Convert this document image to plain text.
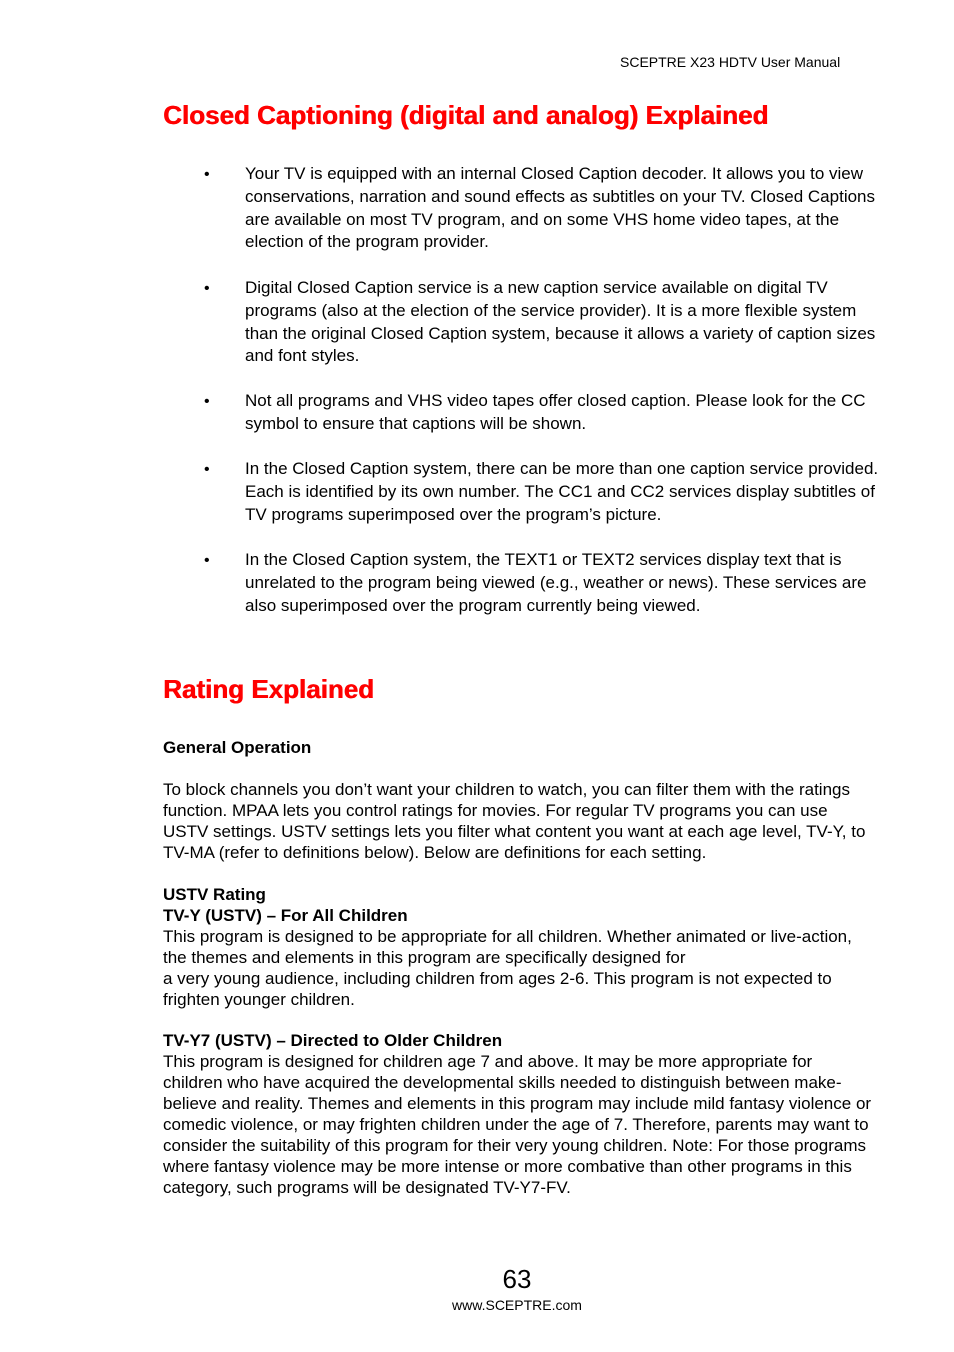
SCEPTRE X23 HDTV User Manual
Closed Captioning (digital and analog) Explained
• Your TV is equipped with an internal Closed Caption decoder. It allows you to view conservations, narration and sound effects as subtitles on your TV. Closed Captions are available on most TV program, and on some VHS home video tapes, at the election of the program provider.
• Digital Closed Caption service is a new caption service available on digital TV programs (also at the election of the service provider). It is a more flexible system than the original Closed Caption system, because it allows a variety of caption sizes and font styles.
• Not all programs and VHS video tapes offer closed caption. Please look for the CC symbol to ensure that captions will be shown.
• In the Closed Caption system, there can be more than one caption service provided. Each is identified by its own number. The CC1 and CC2 services display subtitles of TV programs superimposed over the program’s picture.
• In the Closed Caption system, the TEXT1 or TEXT2 services display text that is unrelated to the program being viewed (e.g., weather or news). These services are also superimposed over the program currently being viewed.
Rating Explained
General Operation
To block channels you don’t want your children to watch, you can filter them with the ratings function. MPAA lets you control ratings for movies. For regular TV programs you can use USTV settings. USTV settings lets you filter what content you want at each age level, TV-Y, to TV-MA (refer to definitions below). Below are definitions for each setting.
USTV Rating
TV-Y (USTV) – For All Children
This program is designed to be appropriate for all children. Whether animated or live-action, the themes and elements in this program are specifically designed for
a very young audience, including children from ages 2-6. This program is not expected to frighten younger children.
TV-Y7 (USTV) – Directed to Older Children
This program is designed for children age 7 and above. It may be more appropriate for children who have acquired the developmental skills needed to distinguish between make-believe and reality. Themes and elements in this program may include mild fantasy violence or comedic violence, or may frighten children under the age of 7. Therefore, parents may want to consider the suitability of this program for their very young children. Note: For those programs where fantasy violence may be more intense or more combative than other programs in this category, such programs will be designated TV-Y7-FV.
63
www.SCEPTRE.com
